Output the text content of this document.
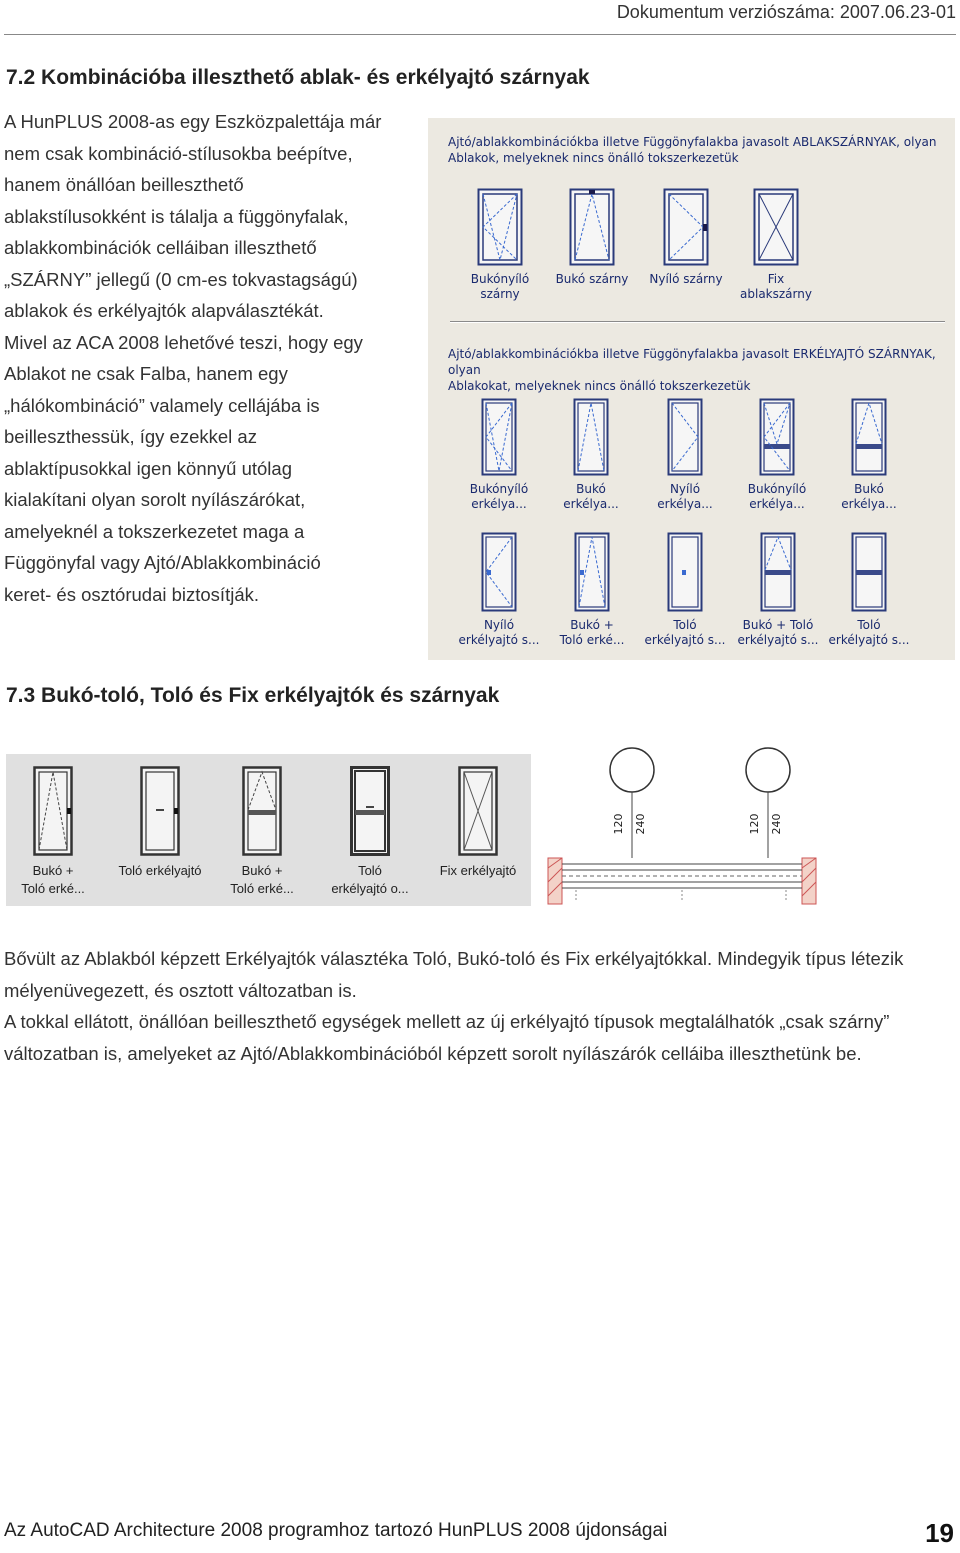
Dokumentum verziószáma: 2007.06.23-01
7.2 Kombinációba illeszthető ablak- és erkélyajtó szárnyak
A HunPLUS 2008-as egy Eszközpalettája már
nem csak kombináció-stílusokba beépítve,
hanem önállóan beilleszthető
ablakstílusokként is tálalja a függönyfalak,
ablakkombinációk celláiban illeszthető
„SZÁRNY” jellegű (0 cm-es tokvastagságú)
ablakok és erkélyajtók alapválasztékát.
Mivel az ACA 2008 lehetővé teszi, hogy egy
Ablakot ne csak Falba, hanem egy
„hálókombináció” valamely cellájába is
beilleszthessük, így ezekkel az
ablaktípusokkal igen könnyű utólag
kialakítani olyan sorolt nyílászárókat,
amelyeknél a tokszerkezetet maga a
Függönyfal vagy Ajtó/Ablakkombináció
keret- és osztórudai biztosítják.
Ajtó/ablakkombinációkba illetve Függönyfalakba javasolt ABLAKSZÁRNYAK, olyan
Ablakok, melyeknek nincs önálló tokszerkezetük
Bukónyíló
szárny
Bukó szárny	Nyíló szárny	Fix
ablakszárny
Ajtó/ablakkombinációkba illetve Függönyfalakba javasolt ERKÉLYAJTÓ SZÁRNYAK, olyan
Ablakokat, melyeknek nincs önálló tokszerkezetük
Bukónyíló
erkélya...
Bukó
erkélya...
Nyíló
erkélya...
Bukónyíló
erkélya...
Bukó
erkélya...
Nyíló
erkélyajtó s...
Bukó +
Toló erké...
Toló
erkélyajtó s...
Bukó + Toló
erkélyajtó s...
Toló
erkélyajtó s...
7.3 Bukó-toló, Toló és Fix erkélyajtók és szárnyak
Bukó +
Toló erké...
Toló erkélyajtó	Bukó +
Toló erké...
Toló
erkélyajtó o...
Fix erkélyajtó
120 240	120 240

Bővült az Ablakból képzett Erkélyajtók választéka Toló, Bukó-toló és Fix erkélyajtókkal. Mindegyik típus létezik mélyenüvegezett, és osztott változatban is.

A tokkal ellátott, önállóan beilleszthető egységek mellett az új erkélyajtó típusok megtalálhatók „csak szárny” változatban is, amelyeket az Ajtó/Ablakkombinációból képzett sorolt nyílászárók celláiba illeszthetünk be.

Az AutoCAD Architecture 2008 programhoz tartozó HunPLUS 2008 újdonságai	19
